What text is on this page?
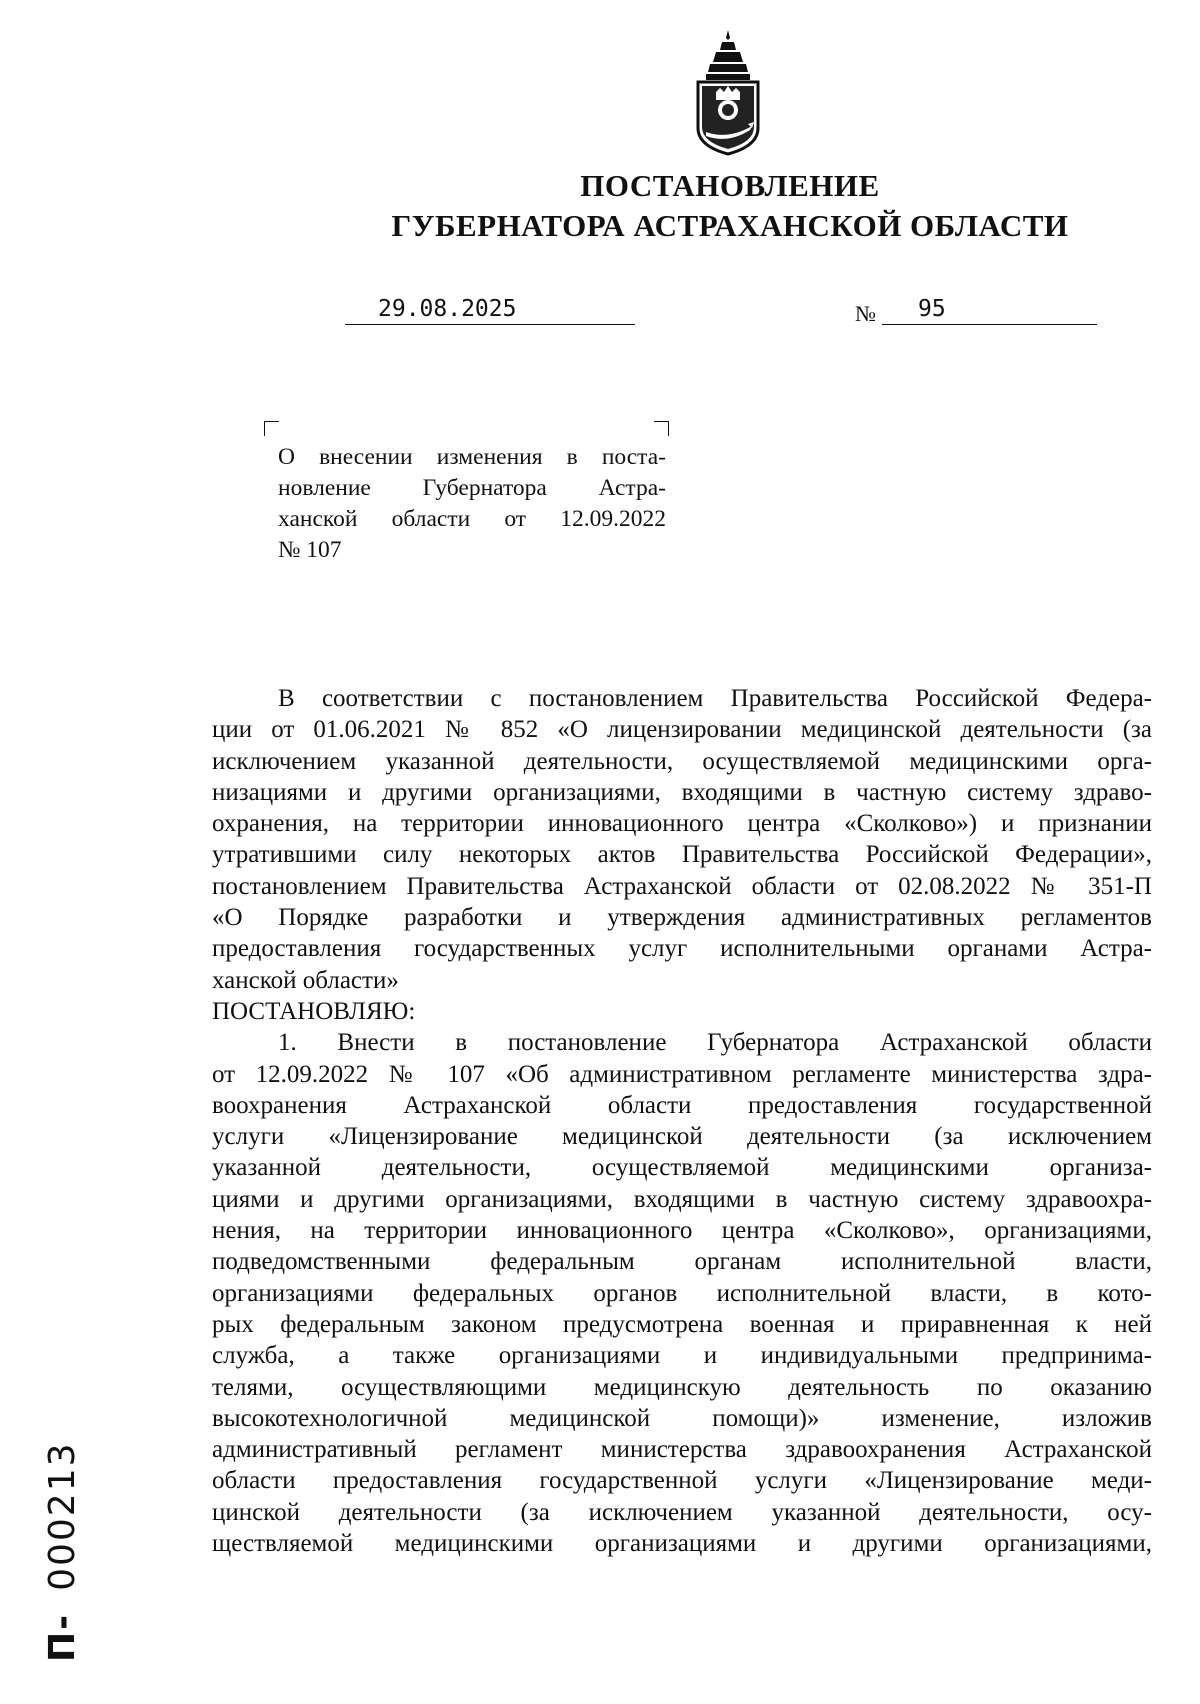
ПОСТАНОВЛЕНИЕ
ГУБЕРНАТОРА АСТРАХАНСКОЙ ОБЛАСТИ
29.08.2025	№ 95
О внесении изменения в поста-
новление Губернатора Астра-
ханской области от 12.09.2022
№ 107
В соответствии с постановлением Правительства Российской Федера-
ции от 01.06.2021 № 852 «О лицензировании медицинской деятельности (за
исключением указанной деятельности, осуществляемой медицинскими орга-
низациями и другими организациями, входящими в частную систему здраво-
охранения, на территории инновационного центра «Сколково») и признании
утратившими силу некоторых актов Правительства Российской Федерации»,
постановлением Правительства Астраханской области от 02.08.2022 № 351-П
«О Порядке разработки и утверждения административных регламентов
предоставления государственных услуг исполнительными органами Астра-
ханской области»
ПОСТАНОВЛЯЮ:
1. Внести в постановление Губернатора Астраханской области
от 12.09.2022 № 107 «Об административном регламенте министерства здра-
воохранения Астраханской области предоставления государственной
услуги «Лицензирование медицинской деятельности (за исключением
указанной деятельности, осуществляемой медицинскими организа-
циями и другими организациями, входящими в частную систему здравоохра-
нения, на территории инновационного центра «Сколково», организациями,
подведомственными федеральным органам исполнительной власти,
организациями федеральных органов исполнительной власти, в кото-
рых федеральным законом предусмотрена военная и приравненная к ней
служба, а также организациями и индивидуальными предпринима-
телями, осуществляющими медицинскую деятельность по оказанию
высокотехнологичной медицинской помощи)» изменение, изложив
административный регламент министерства здравоохранения Астраханской
области предоставления государственной услуги «Лицензирование меди-
цинской деятельности (за исключением указанной деятельности, осу-
ществляемой медицинскими организациями и другими организациями,
П-000213
